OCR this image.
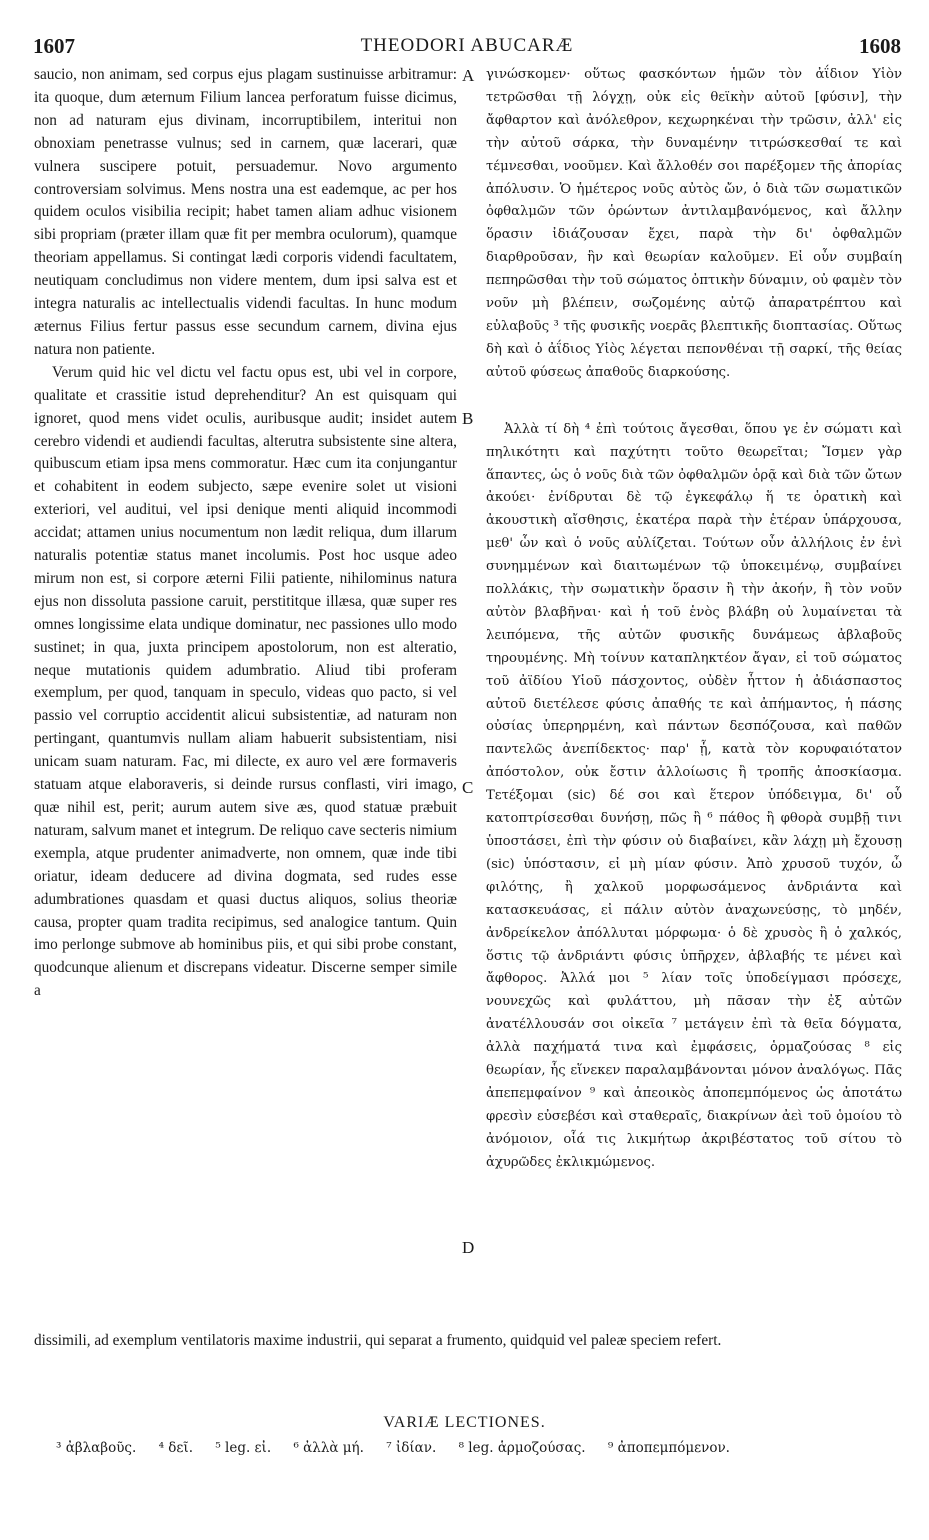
1607	THEODORI ABUCARÆ	1608

saucio, non animam, sed corpus ejus plagam sustinuisse arbitramur: ita quoque, dum æternum Filium lancea perforatum fuisse dicimus, non ad naturam ejus divinam, incorruptibilem, interitui non obnoxiam penetrasse vulnus; sed in carnem, quæ lacerari, quæ vulnera suscipere potuit, persuademur. Novo argumento controversiam solvimus. Mens nostra una est eademque, ac per hos quidem oculos visibilia recipit; habet tamen aliam adhuc visionem sibi propriam (præter illam quæ fit per membra oculorum), quamque theoriam appellamus. Si contingat lædi corporis videndi facultatem, neutiquam concludimus non videre mentem, dum ipsi salva est et integra naturalis ac intellectualis videndi facultas. In hunc modum æternus Filius fertur passus esse secundum carnem, divina ejus natura non patiente.

Verum quid hic vel dictu vel factu opus est, ubi vel in corpore, qualitate et crassitie istud deprehenditur? An est quisquam qui ignoret, quod mens videt oculis, auribusque audit; insidet autem cerebro videndi et audiendi facultas, alterutra subsistente sine altera, quibuscum etiam ipsa mens commoratur. Hæc cum ita conjungantur et cohabitent in eodem subjecto, sæpe evenire solet ut visioni exteriori, vel auditui, vel ipsi denique menti aliquid incommodi accidat; attamen unius nocumentum non lædit reliqua, dum illarum naturalis potentiæ status manet incolumis. Post hoc usque adeo mirum non est, si corpore æterni Filii patiente, nihilominus natura ejus non dissoluta passione caruit, perstititque illæsa, quæ super res omnes longissime elata undique dominatur, nec passiones ullo modo sustinet; in qua, juxta principem apostolorum, non est alteratio, neque mutationis quidem adumbratio. Aliud tibi proferam exemplum, per quod, tanquam in speculo, videas quo pacto, si vel passio vel corruptio accidentit alicui subsistentiæ, ad naturam non pertingant, quantumvis nullam aliam habuerit subsistentiam, nisi unicam suam naturam. Fac, mi dilecte, ex auro vel ære formaveris statuam atque elaboraveris, si deinde rursus conflasti, viri imago, quæ nihil est, perit; aurum autem sive æs, quod statuæ præbuit naturam, salvum manet et integrum. De reliquo cave secteris nimium exempla, atque prudenter animadverte, non omnem, quæ inde tibi oriatur, ideam deducere ad divina dogmata, sed rudes esse adumbrationes quasdam et quasi ductus aliquos, solius theoriæ causa, propter quam tradita recipimus, sed analogice tantum. Quin imo perlonge submove ab hominibus piis, et qui sibi probe constant, quodcunque alienum et discrepans videatur. Discerne semper simile a

γινώσκομεν· οὕτως φασκόντων ἡμῶν τὸν ἀΐδιον Υἱὸν τετρῶσθαι τῇ λόγχῃ, οὐκ εἰς θεϊκὴν αὐτοῦ [φύσιν], τὴν ἄφθαρτον καὶ ἀνόλεθρον, κεχωρηκέναι τὴν τρῶσιν, ἀλλ' εἰς τὴν αὐτοῦ σάρκα, τὴν δυναμένην τιτρώσκεσθαί τε καὶ τέμνεσθαι, νοοῦμεν. Καὶ ἄλλοθέν σοι παρέξομεν τῆς ἀπορίας ἀπόλυσιν. Ὁ ἡμέτερος νοῦς αὐτὸς ὤν, ὁ διὰ τῶν σωματικῶν ὀφθαλμῶν τῶν ὁρώντων ἀντιλαμβανόμενος, καὶ ἄλλην ὅρασιν ἰδιάζουσαν ἔχει, παρὰ τὴν δι' ὀφθαλμῶν διαρθροῦσαν, ἣν καὶ θεωρίαν καλοῦμεν. Εἰ οὖν συμβαίη πεπηρῶσθαι τὴν τοῦ σώματος ὀπτικὴν δύναμιν, οὐ φαμὲν τὸν νοῦν μὴ βλέπειν, σωζομένης αὐτῷ ἀπαρατρέπτου καὶ εὐλαβοῦς ³ τῆς φυσικῆς νοερᾶς βλεπτικῆς διοπτασίας. Οὕτως δὴ καὶ ὁ ἀΐδιος Υἱὸς λέγεται πεπονθέναι τῇ σαρκί, τῆς θείας αὐτοῦ φύσεως ἀπαθοῦς διαρκούσης.

Ἀλλὰ τί δὴ ⁴ ἐπὶ τούτοις ἄγεσθαι, ὅπου γε ἐν σώματι καὶ πηλικότητι καὶ παχύτητι τοῦτο θεωρεῖται; Ἴσμεν γὰρ ἅπαντες, ὡς ὁ νοῦς διὰ τῶν ὀφθαλμῶν ὁρᾷ καὶ διὰ τῶν ὤτων ἀκούει· ἐνίδρυται δὲ τῷ ἐγκεφάλῳ ἥ τε ὁρατικὴ καὶ ἀκουστικὴ αἴσθησις, ἑκατέρα παρὰ τὴν ἑτέραν ὑπάρχουσα, μεθ' ὧν καὶ ὁ νοῦς αὐλίζεται. Τούτων οὖν ἀλλήλοις ἐν ἑνὶ συνημμένων καὶ διαιτωμένων τῷ ὑποκειμένῳ, συμβαίνει πολλάκις, τὴν σωματικὴν ὅρασιν ἢ τὴν ἀκοήν, ἢ τὸν νοῦν αὐτὸν βλαβῆναι· καὶ ἡ τοῦ ἑνὸς βλάβη οὐ λυμαίνεται τὰ λειπόμενα, τῆς αὐτῶν φυσικῆς δυνάμεως ἀβλαβοῦς τηρουμένης. Μὴ τοίνυν καταπληκτέον ἄγαν, εἰ τοῦ σώματος τοῦ ἀϊδίου Υἱοῦ πάσχοντος, οὐδὲν ἧττον ἡ ἀδιάσπαστος αὐτοῦ διετέλεσε φύσις ἀπαθής τε καὶ ἀπήμαντος, ἡ πάσης οὐσίας ὑπερηρμένη, καὶ πάντων δεσπόζουσα, καὶ παθῶν παντελῶς ἀνεπίδεκτος· παρ' ᾗ, κατὰ τὸν κορυφαιότατον ἀπόστολον, οὐκ ἔστιν ἀλλοίωσις ἢ τροπῆς ἀποσκίασμα. Τετέξομαι (sic) δέ σοι καὶ ἕτερον ὑπόδειγμα, δι' οὗ κατοπτρίσεσθαι δυνήσῃ, πῶς ἢ ⁶ πάθος ἢ φθορὰ συμβῇ τινι ὑποστάσει, ἐπὶ τὴν φύσιν οὐ διαβαίνει, κἂν λάχῃ μὴ ἔχουσῃ (sic) ὑπόστασιν, εἰ μὴ μίαν φύσιν. Ἀπὸ χρυσοῦ τυχόν, ὦ φιλότης, ἢ χαλκοῦ μορφωσάμενος ἀνδριάντα καὶ κατασκευάσας, εἰ πάλιν αὐτὸν ἀναχωνεύσῃς, τὸ μηδέν, ἀνδρείκελον ἀπόλλυται μόρφωμα· ὁ δὲ χρυσὸς ἢ ὁ χαλκός, ὅστις τῷ ἀνδριάντι φύσις ὑπῆρχεν, ἀβλαβής τε μένει καὶ ἄφθορος. Ἀλλά μοι ⁵ λίαν τοῖς ὑποδείγμασι πρόσεχε, νουνεχῶς καὶ φυλάττου, μὴ πᾶσαν τὴν ἐξ αὐτῶν ἀνατέλλουσάν σοι οἰκεῖα ⁷ μετάγειν ἐπὶ τὰ θεῖα δόγματα, ἀλλὰ παχήματά τινα καὶ ἐμφάσεις, ὁρμαζούσας ⁸ εἰς θεωρίαν, ἧς εἵνεκεν παραλαμβάνονται μόνον ἀναλόγως. Πᾶς ἀπεπεμφαίνον ⁹ καὶ ἀπεοικὸς ἀποπεμπόμενος ὡς ἀποτάτω φρεσὶν εὐσεβέσι καὶ σταθεραῖς, διακρίνων ἀεὶ τοῦ ὁμοίου τὸ ἀνόμοιον, οἷά τις λικμήτωρ ἀκριβέστατος τοῦ σίτου τὸ ἀχυρῶδες ἐκλικμώμενος.

A
B
C
D
dissimili, ad exemplum ventilatoris maxime industrii, qui separat a frumento, quidquid vel paleæ speciem refert.
VARIÆ LECTIONES.
³ ἀβλαβοῦς. ⁴ δεῖ. ⁵ leg. εἰ. ⁶ ἀλλὰ μή. ⁷ ἰδίαν. ⁸ leg. ἁρμοζούσας. ⁹ ἀποπεμπόμενον.
